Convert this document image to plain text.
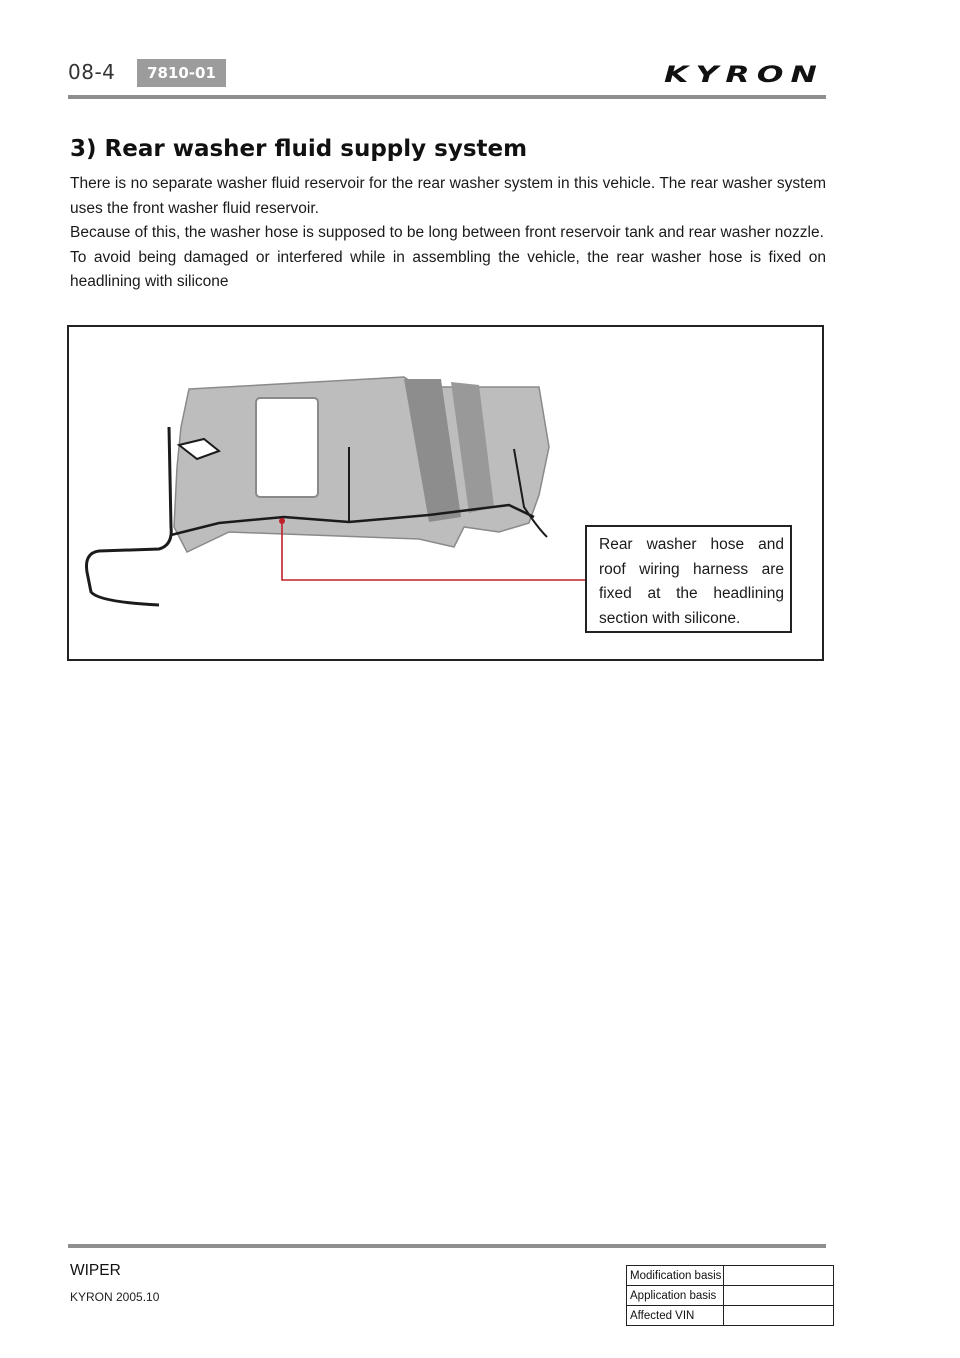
08-4	7810-01	KYRON
3) Rear washer fluid supply system

There is no separate washer fluid reservoir for the rear washer system in this vehicle. The rear washer system uses the front washer fluid reservoir.

Because of this, the washer hose is supposed to be long between front reservoir tank and rear washer nozzle.

To avoid being damaged or interfered while in assembling the vehicle, the rear washer hose is fixed on headlining with silicone

Rear washer hose and
roof wiring harness are
fixed at the headlining
section with silicone.
WIPER
KYRON 2005.10
Modification basis	
Application basis	
Affected VIN	
